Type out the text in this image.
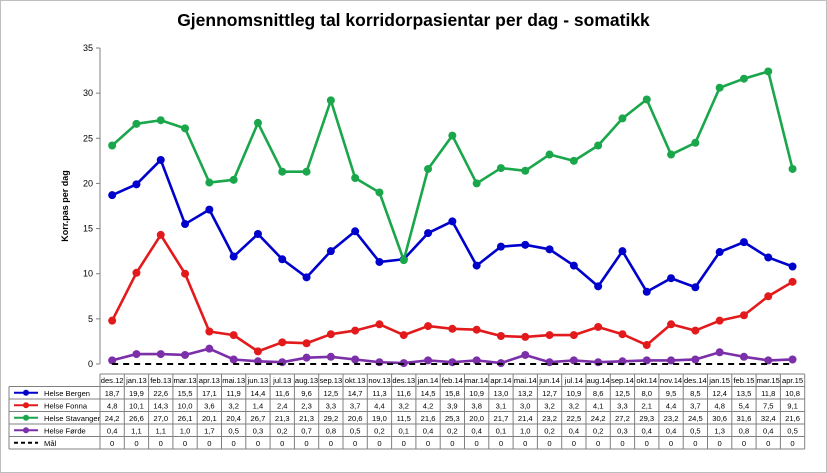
Gjennomsnittleg tal korridorpasientar per dag - somatikk
0
5
10
15
20
25
30
35
Korr.pas per dag
des.12 jan.13 feb.13 mar.13 apr.13 mai.13 jun.13 jul.13 aug.13 sep.13 okt.13 nov.13 des.13 jan.14 feb.14 mar.14 apr.14 mai.14 jun.14 jul.14 aug.14 sep.14 okt.14 nov.14 des.14 jan.15 feb.15 mar.15 apr.15
Helse Bergen 18,7 19,9 22,6 15,5 17,1 11,9 14,4 11,6 9,6 12,5 14,7 11,3 11,6 14,5 15,8 10,9 13,0 13,2 12,7 10,9 8,6 12,5 8,0 9,5 8,5 12,4 13,5 11,8 10,8
Helse Fonna	4,8 10,1 14,3 10,0 3,6 3,2 1,4 2,4 2,3 3,3 3,7 4,4 3,2 4,2 3,9 3,8 3,1 3,0 3,2 3,2 4,1 3,3 2,1 4,4 3,7 4,8 5,4 7,5 9,1
Helse Stavanger 24,2 26,6 27,0 26,1 20,1 20,4 26,7 21,3 21,3 29,2 20,6 19,0 11,5 21,6 25,3 20,0 21,7 21,4 23,2 22,5 24,2 27,2 29,3 23,2 24,5 30,6 31,6 32,4 21,6
Helse Førde	0,4 1,1 1,1 1,0 1,7 0,5 0,3 0,2 0,7 0,8 0,5 0,2 0,1 0,4 0,2 0,4 0,1 1,0 0,2 0,4 0,2 0,3 0,4 0,4 0,5 1,3 0,8 0,4 0,5
Mål	0	0	0	0	0	0	0	0	0	0	0	0	0	0	0	0	0	0	0	0	0	0	0	0	0	0	0	0	0
